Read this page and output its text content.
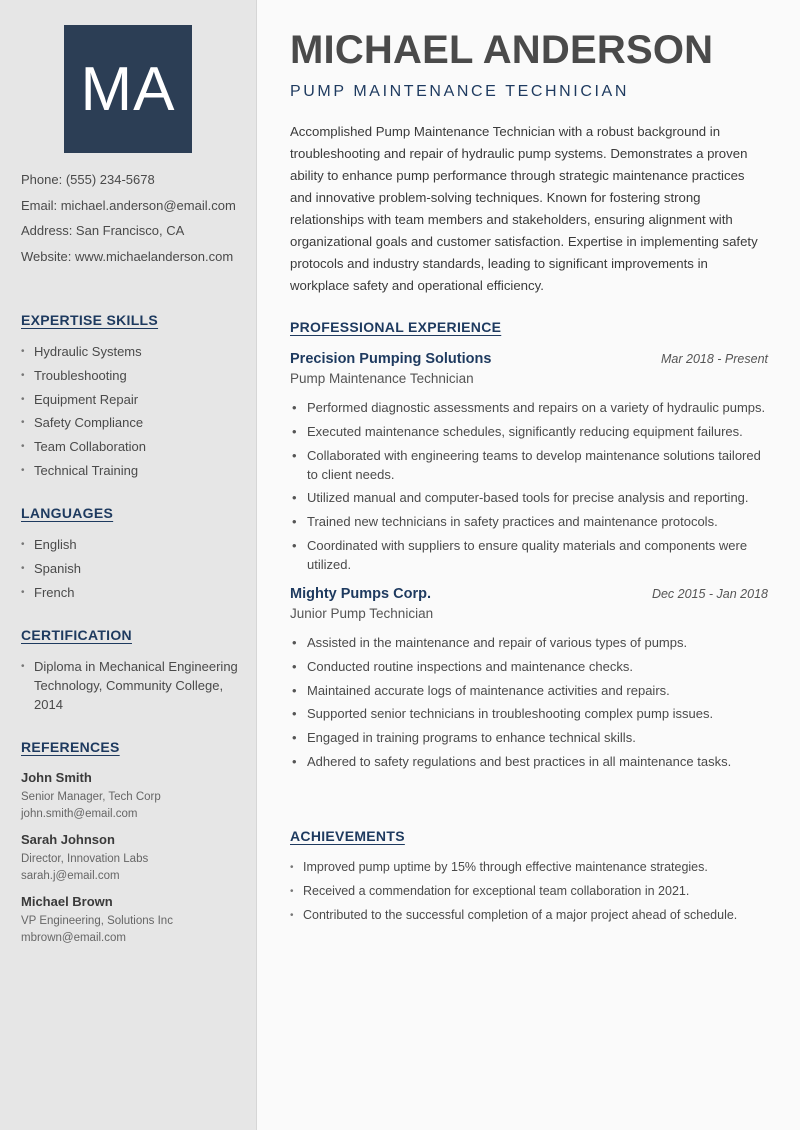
MA
Phone: (555) 234-5678
Email: michael.anderson@email.com
Address: San Francisco, CA
Website: www.michaelanderson.com
EXPERTISE SKILLS
• Hydraulic Systems
• Troubleshooting
• Equipment Repair
• Safety Compliance
• Team Collaboration
• Technical Training
LANGUAGES
• English
• Spanish
• French
CERTIFICATION
• Diploma in Mechanical Engineering Technology, Community College, 2014
REFERENCES
John Smith
Senior Manager, Tech Corp
john.smith@email.com
Sarah Johnson
Director, Innovation Labs
sarah.j@email.com
Michael Brown
VP Engineering, Solutions Inc
mbrown@email.com
MICHAEL ANDERSON
PUMP MAINTENANCE TECHNICIAN
Accomplished Pump Maintenance Technician with a robust background in troubleshooting and repair of hydraulic pump systems. Demonstrates a proven ability to enhance pump performance through strategic maintenance practices and innovative problem-solving techniques. Known for fostering strong relationships with team members and stakeholders, ensuring alignment with organizational goals and customer satisfaction. Expertise in implementing safety protocols and industry standards, leading to significant improvements in workplace safety and operational efficiency.
PROFESSIONAL EXPERIENCE
Precision Pumping Solutions	Mar 2018 - Present
Pump Maintenance Technician
• Performed diagnostic assessments and repairs on a variety of hydraulic pumps.
• Executed maintenance schedules, significantly reducing equipment failures.
• Collaborated with engineering teams to develop maintenance solutions tailored to client needs.
• Utilized manual and computer-based tools for precise analysis and reporting.
• Trained new technicians in safety practices and maintenance protocols.
• Coordinated with suppliers to ensure quality materials and components were utilized.
Mighty Pumps Corp.	Dec 2015 - Jan 2018
Junior Pump Technician
• Assisted in the maintenance and repair of various types of pumps.
• Conducted routine inspections and maintenance checks.
• Maintained accurate logs of maintenance activities and repairs.
• Supported senior technicians in troubleshooting complex pump issues.
• Engaged in training programs to enhance technical skills.
• Adhered to safety regulations and best practices in all maintenance tasks.
ACHIEVEMENTS
• Improved pump uptime by 15% through effective maintenance strategies.
• Received a commendation for exceptional team collaboration in 2021.
• Contributed to the successful completion of a major project ahead of schedule.
